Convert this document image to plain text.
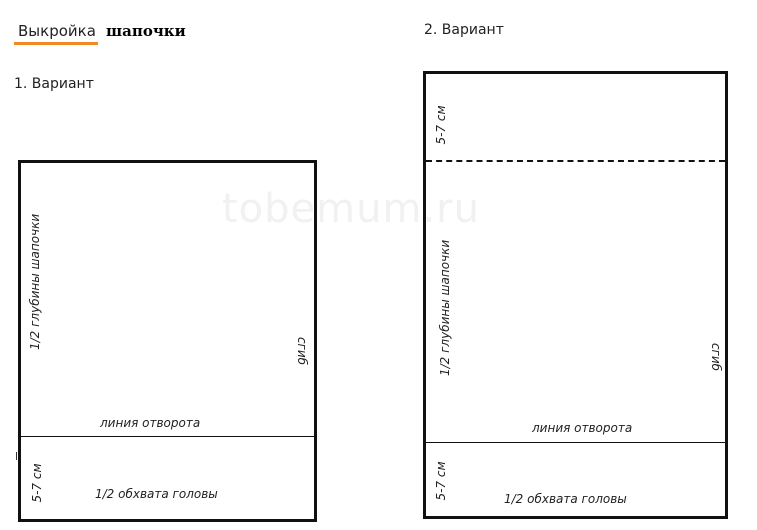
Выкройка шапочки
tobemum.ru
1. Вариант
1/2 глубины шапочки
сгиб
линия отворота
5-7 см	1/2 обхвата головы
2. Вариант
5-7 см
1/2 глубины шапочки	сгиб
линия отворота
5-7 см	1/2 обхвата головы
